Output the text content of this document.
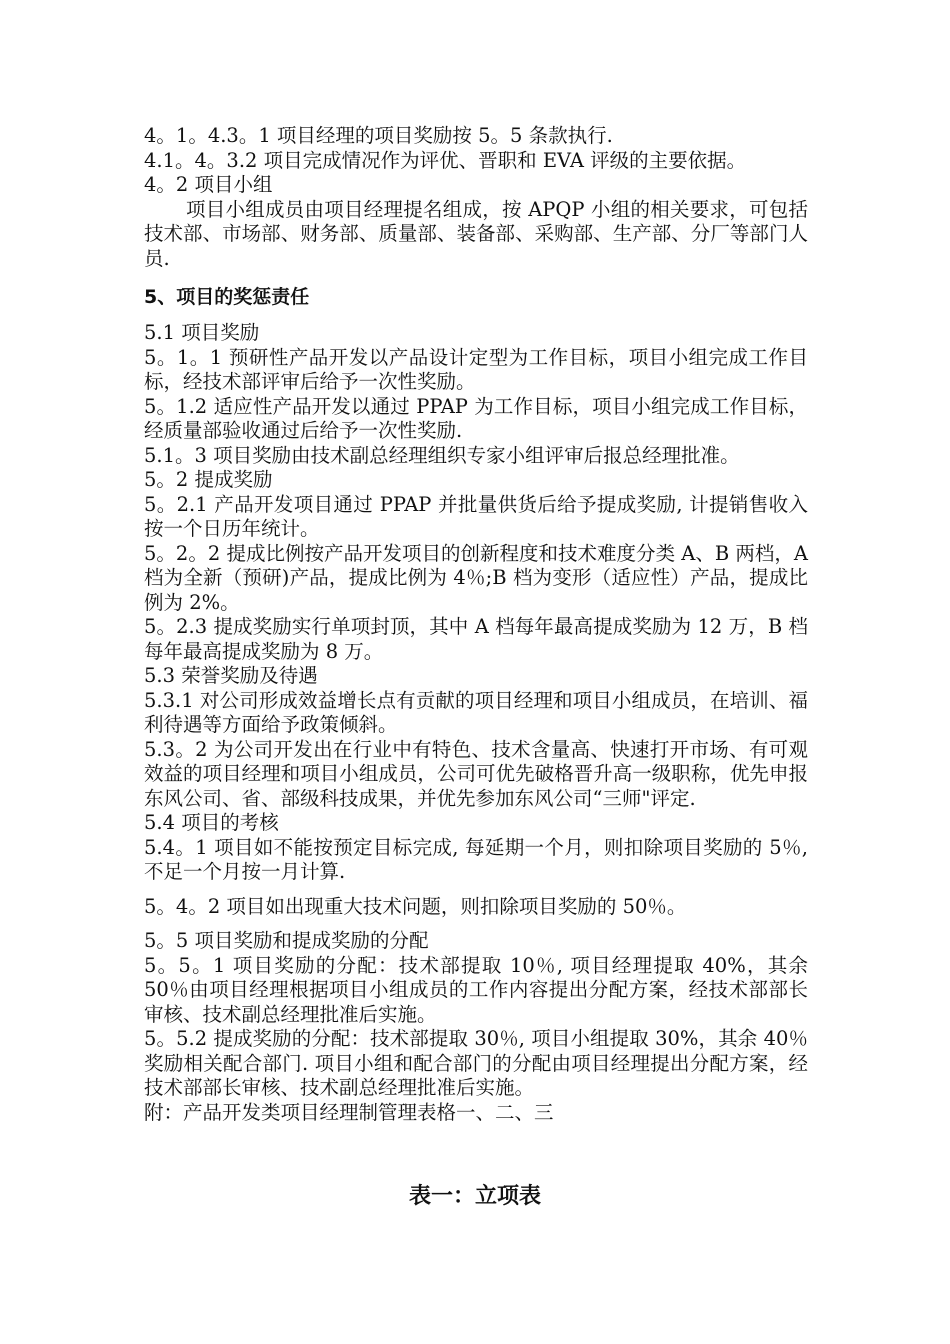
4。1。4.3。1 项目经理的项目奖励按 5。5 条款执行.

4.1。4。3.2 项目完成情况作为评优、晋职和 EVA 评级的主要依据。

4。2 项目小组

项目小组成员由项目经理提名组成，按 APQP 小组的相关要求，可包括技术部、市场部、财务部、质量部、装备部、采购部、生产部、分厂等部门人员.

5、项目的奖惩责任

5.1 项目奖励

5。1。1 预研性产品开发以产品设计定型为工作目标，项目小组完成工作目标，经技术部评审后给予一次性奖励。

5。1.2 适应性产品开发以通过 PPAP 为工作目标，项目小组完成工作目标，经质量部验收通过后给予一次性奖励.

5.1。3 项目奖励由技术副总经理组织专家小组评审后报总经理批准。

5。2 提成奖励

5。2.1 产品开发项目通过 PPAP 并批量供货后给予提成奖励, 计提销售收入按一个日历年统计。

5。2。2 提成比例按产品开发项目的创新程度和技术难度分类 A、B 两档，A 档为全新（预研)产品，提成比例为 4％;B 档为变形（适应性）产品，提成比例为 2%。

5。2.3 提成奖励实行单项封顶，其中 A 档每年最高提成奖励为 12 万，B 档每年最高提成奖励为 8 万。

5.3 荣誉奖励及待遇

5.3.1 对公司形成效益增长点有贡献的项目经理和项目小组成员，在培训、福利待遇等方面给予政策倾斜。

5.3。2 为公司开发出在行业中有特色、技术含量高、快速打开市场、有可观效益的项目经理和项目小组成员，公司可优先破格晋升高一级职称，优先申报东风公司、省、部级科技成果，并优先参加东风公司“三师"评定.

5.4 项目的考核

5.4。1 项目如不能按预定目标完成, 每延期一个月，则扣除项目奖励的 5％, 不足一个月按一月计算.

5。4。2 项目如出现重大技术问题，则扣除项目奖励的 50％。

5。5 项目奖励和提成奖励的分配

5。5。1 项目奖励的分配：技术部提取 10％, 项目经理提取 40%，其余 50％由项目经理根据项目小组成员的工作内容提出分配方案，经技术部部长审核、技术副总经理批准后实施。

5。5.2 提成奖励的分配：技术部提取 30％, 项目小组提取 30%，其余 40％奖励相关配合部门. 项目小组和配合部门的分配由项目经理提出分配方案，经技术部部长审核、技术副总经理批准后实施。

附：产品开发类项目经理制管理表格一、二、三

表一：立项表
